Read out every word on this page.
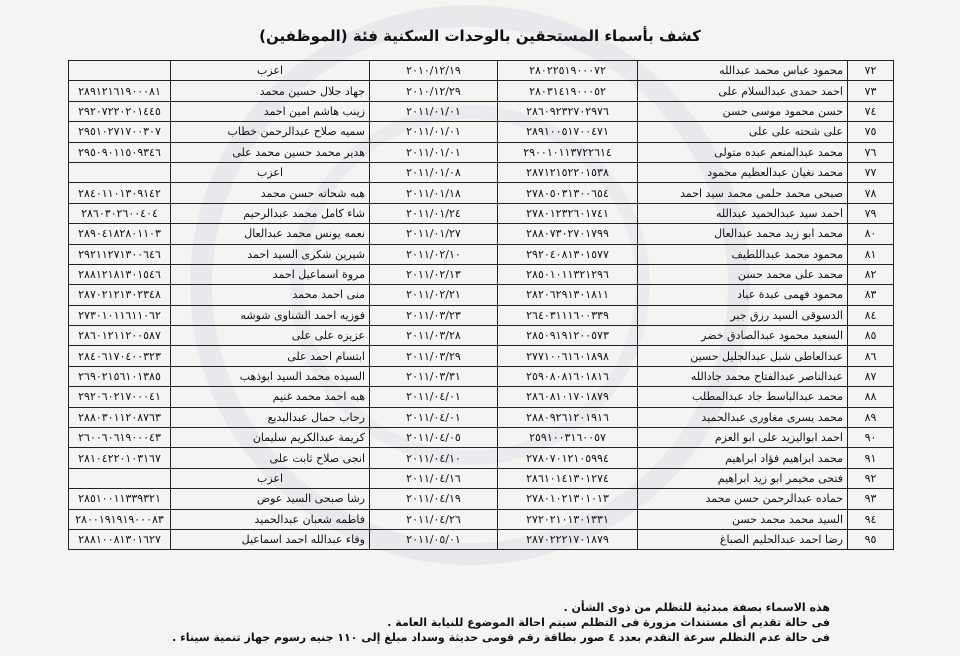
كشف بأسماء المستحقين بالوحدات السكنية فئة (الموظفين)
٧٢	محمود عباس محمد عبدالله	٢٨٠٢٢٥١٩٠٠٠٧٢	٢٠١٠/١٢/١٩	اعزب	
٧٣	احمد حمدى عبدالسلام على	٢٨٠٣١٤١٩٠٠٠٥٢	٢٠١٠/١٢/٢٩	جهاد جلال حسين محمد	٢٨٩١٢١٦١٩٠٠٠٨١
٧٤	حسن محمود موسى حسن	٢٨٦٠٩٢٣٢٧٠٢٩٧٦	٢٠١١/٠١/٠١	زينب هاشم امين احمد	٢٩٢٠٧٢٢٠٢٠١٤٤٥
٧٥	على شحته على على	٢٨٩١٠٠٥١٧٠٠٤٧١	٢٠١١/٠١/٠١	سميه صلاح عبدالرحمن خطاب	٢٩٥١٠٢٧١٧٠٠٣٠٧
٧٦	محمد عبدالمنعم عبده متولى	٢٩٠٠١٠١١٣٧٢٢٦١٤	٢٠١١/٠١/٠١	هدير محمد حسين محمد على	٢٩٥٠٩٠١١٥٠٩٣٤٦
٧٧	محمد نغيان عبدالعظيم محمود	٢٨٧١٢١٥٢٢٠١٥٣٨	٢٠١١/٠١/٠٨	اعزب	
٧٨	صبحى محمد حلمى محمد سيد احمد	٢٧٨٠٥٠٣١٣٠٠٦٥٤	٢٠١١/٠١/١٨	هبه شحاته حسن محمد	٢٨٤٠١١٠١٣٠٩١٤٢
٧٩	احمد سيد عبدالحميد عبدالله	٢٧٨٠١٢٣٢٦٠١٧٤١	٢٠١١/٠١/٢٤	شاء كامل محمد عبدالرحيم	٢٨٦٠٣٠٢٦٠٠٤٠٤
٨٠	محمد ابو زيد محمد عبدالعال	٢٨٨٠٧٣٠٢٧٠١٧٩٩	٢٠١١/٠١/٢٧	نعمه يونس محمد عبدالعال	٢٨٩٠٤١٨٢٨٠١١٠٣
٨١	محمود محمد عبداللطيف	٢٩٢٠٤٠٨١٣٠١٥٧٧	٢٠١١/٠٢/١٠	شيرين شكرى السيد احمد	٢٩٢١١٢٧١٣٠٠٦٤٦
٨٢	محمد على محمد حسن	٢٨٥٠١٠١١٣٢١٢٩٦	٢٠١١/٠٢/١٣	مروة اسماعيل احمد	٢٨٨١٢١٨١٣٠١٥٤٦
٨٣	محمود فهمى عبدة عباد	٢٨٢٠٦٢٩١٣٠١٨١١	٢٠١١/٠٢/٢١	منى احمد محمد	٢٨٧٠٢١٢١٣٠٢٣٤٨
٨٤	الدسوقى السيد رزق جبر	٢٦٤٠٣١١١٦٠٠٣٣٩	٢٠١١/٠٣/٢٣	فوزيه احمد الشناوى شوشه	٢٧٣٠١٠١١٦١١٠٦٢
٨٥	السعيد محمود عبدالصادق خضر	٢٨٥٠٩١٩١٢٠٠٥٧٣	٢٠١١/٠٣/٢٨	عزيزه على على	٢٨٦٠١٢١١٢٠٠٥٨٧
٨٦	عبدالعاطى شبل عبدالجليل حسين	٢٧٧١٠٠٦١٦٠١٨٩٨	٢٠١١/٠٣/٢٩	ابتسام احمد على	٢٨٤٠٦١٧٠٤٠٠٣٢٣
٨٧	عبدالناصر عبدالفتاح محمد جادالله	٢٥٩٠٨٠٨١٦٠١٨١٦	٢٠١١/٠٣/٣١	السيده محمد السيد ابوذهب	٢٦٩٠٢١٥٦١٠١٣٨٥
٨٨	محمد عبدالباسط جاد عبدالمطلب	٢٨٦٠٨١٠١٧٠١٨٧٩	٢٠١١/٠٤/٠١	هبه احمد محمد غنيم	٢٩٢٠٦٠٢١٧٠٠٠٤١
٨٩	محمد يسرى مغاورى عبدالحميد	٢٨٨٠٩٢٦١٢٠١٩١٦	٢٠١١/٠٤/٠١	رحاب جمال عبدالبديع	٢٨٨٠٣٠١١٢٠٨٧٦٣
٩٠	احمد ابواليزيد على ابو العزم	٢٥٩١٠٠٣١٦٠٠٥٧	٢٠١١/٠٤/٠٥	كريمة عبدالكريم سليمان	٢٦٠٠٦٠٦١٩٠٠٠٤٣
٩١	محمد ابراهيم فؤاد ابراهيم	٢٧٨٠٧٠١٢١٠٥٩٩٤	٢٠١١/٠٤/١٠	انجى صلاح ثابت على	٢٨١٠٤٢٢٠١٠٣١٦٧
٩٢	فتحى مخيمر ابو زيد ابراهيم	٢٨٦١٠١٤١٣٠١٢٧٤	٢٠١١/٠٤/١٦	اعزب	
٩٣	حماده عبدالرحمن حسن محمد	٢٧٨٠١٠٢١٣٠١٠١٣	٢٠١١/٠٤/١٩	رشا صبحى السيد عوض	٢٨٥١٠٠١١٣٣٩٣٢١
٩٤	السيد محمد محمد حسن	٢٧٢٠٢١٠١٣٠١٣٣١	٢٠١١/٠٤/٢٦	فاطمه شعبان عبدالحميد	٢٨٠٠١٩١٩١٩٠٠٠٨٣
٩٥	رضا احمد عبدالحليم الصباغ	٢٨٧٠٢٢٢١٧٠١٨٧٩	٢٠١١/٠٥/٠١	وفاء عبدالله احمد اسماعيل	٢٨٨١٠٠٨١٣٠١٦٢٧
هذه الاسماء بصفة مبدئية للتظلم من ذوى الشأن .
فى حالة تقديم أى مستندات مزورة فى التظلم سيتم احالة الموضوع للنيابة العامة .
فى حالة عدم التظلم سرعة التقدم بعدد ٤ صور بطاقة رقم قومى حديثة وسداد مبلغ إلى ١١٠ جنيه رسوم جهاز تنمية سيناء .
